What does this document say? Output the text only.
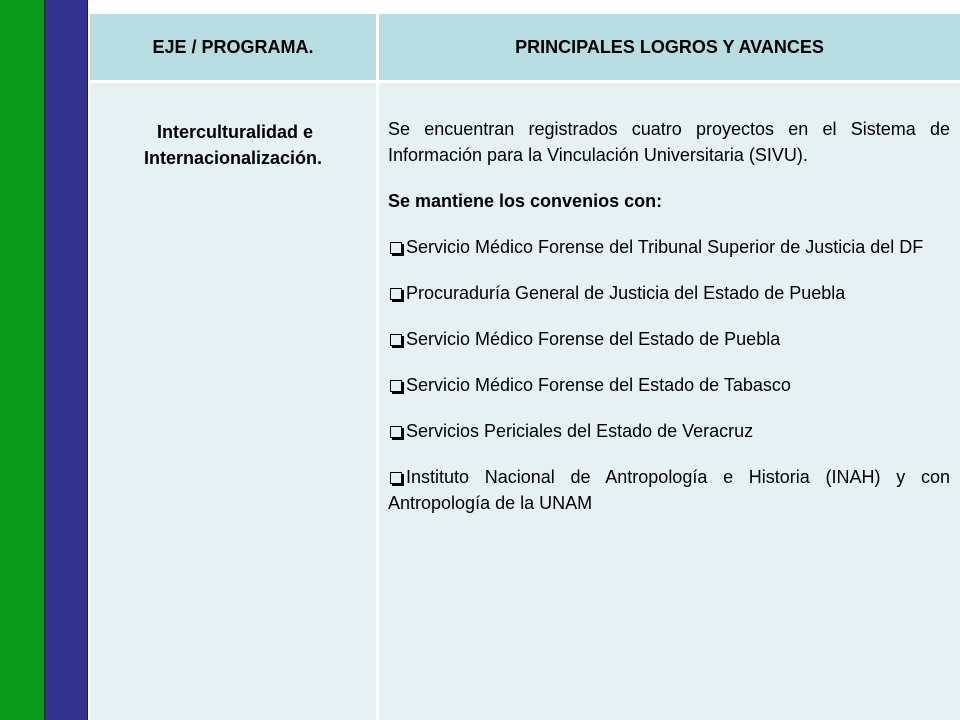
EJE / PROGRAMA.	PRINCIPALES LOGROS Y AVANCES
Interculturalidad e
Internacionalización.

Se encuentran registrados cuatro proyectos en el Sistema de Información para la Vinculación Universitaria (SIVU).

Se mantiene los convenios con:

Servicio Médico Forense del Tribunal Superior de Justicia del DF

Procuraduría General de Justicia del Estado de Puebla

Servicio Médico Forense del Estado de Puebla

Servicio Médico Forense del Estado de Tabasco

Servicios Periciales del Estado de Veracruz

Instituto Nacional de Antropología e Historia (INAH) y con Antropología de la UNAM
